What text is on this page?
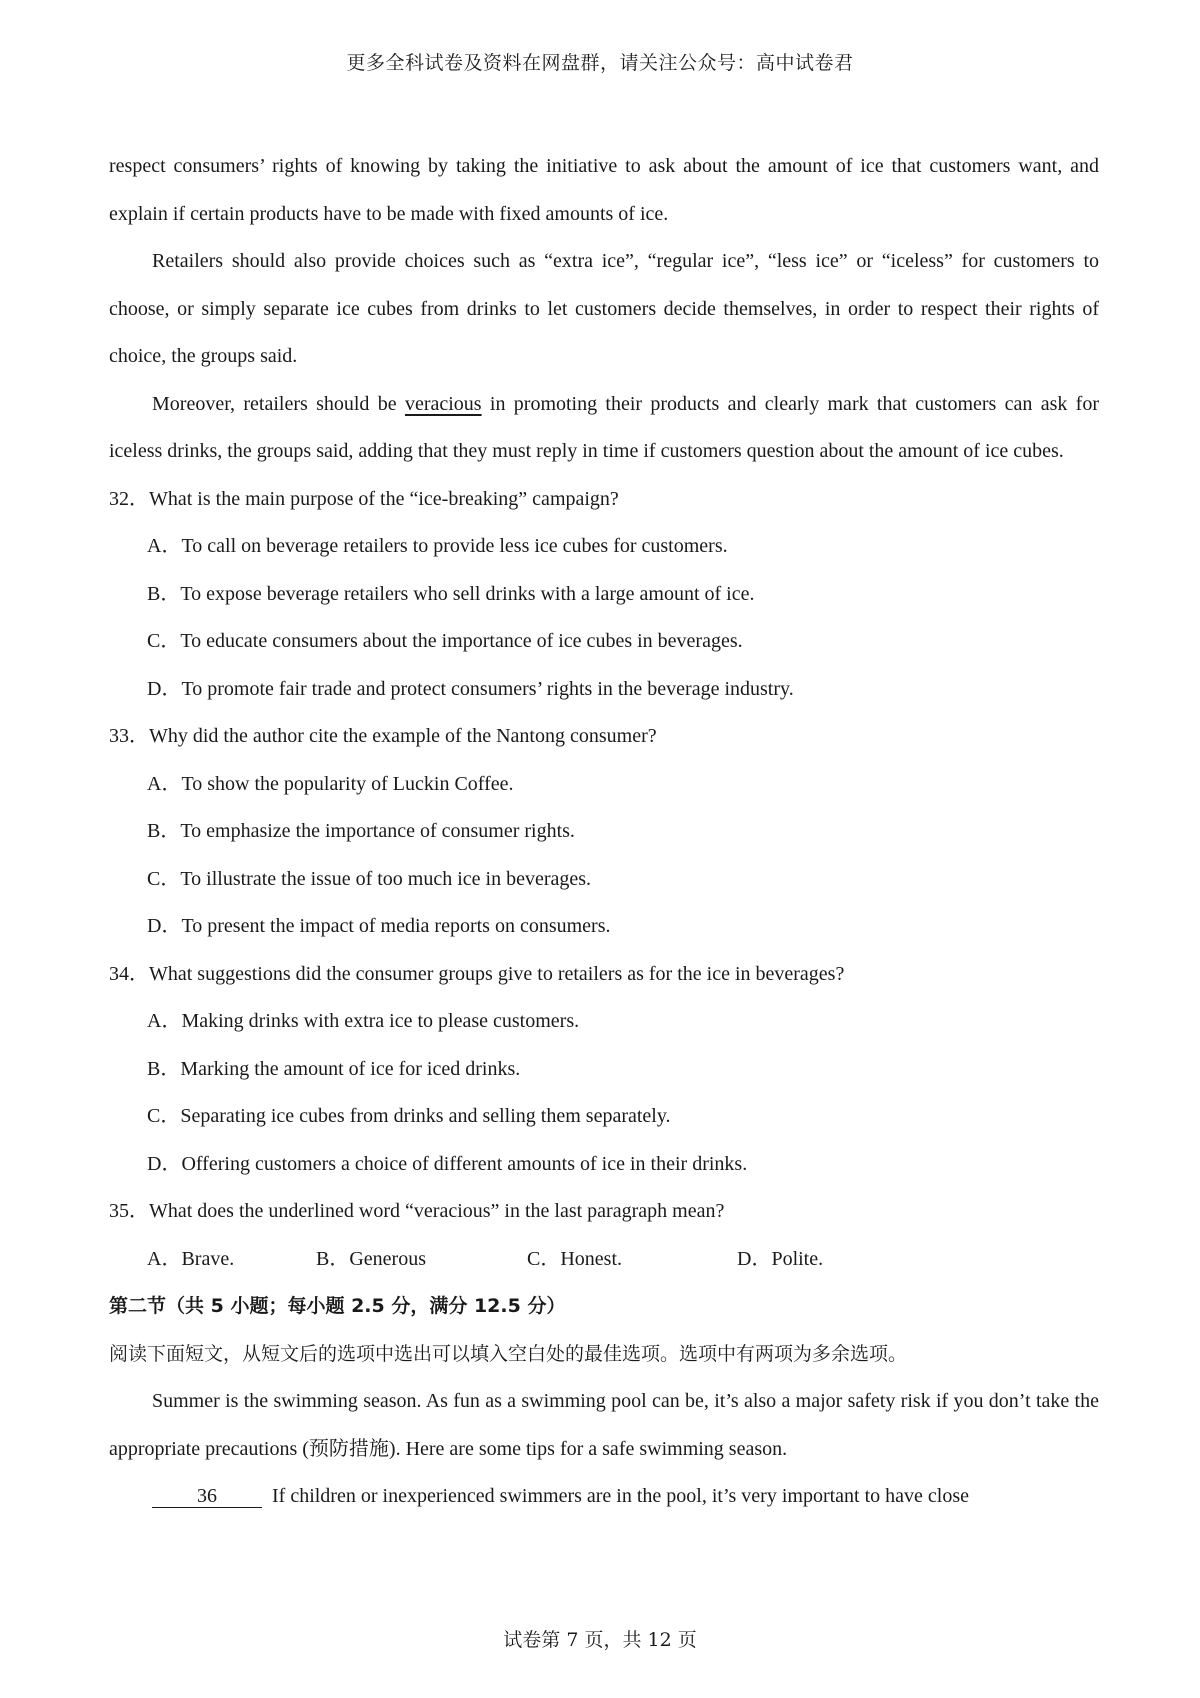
更多全科试卷及资料在网盘群，请关注公众号：高中试卷君

respect consumers’ rights of knowing by taking the initiative to ask about the amount of ice that customers want, and explain if certain products have to be made with fixed amounts of ice.

Retailers should also provide choices such as “extra ice”, “regular ice”, “less ice” or “iceless” for customers to choose, or simply separate ice cubes from drinks to let customers decide themselves, in order to respect their rights of choice, the groups said.

Moreover, retailers should be veracious in promoting their products and clearly mark that customers can ask for iceless drinks, the groups said, adding that they must reply in time if customers question about the amount of ice cubes.

32．What is the main purpose of the “ice-breaking” campaign?

A．To call on beverage retailers to provide less ice cubes for customers.

B．To expose beverage retailers who sell drinks with a large amount of ice.

C．To educate consumers about the importance of ice cubes in beverages.

D．To promote fair trade and protect consumers’ rights in the beverage industry.

33．Why did the author cite the example of the Nantong consumer?

A．To show the popularity of Luckin Coffee.

B．To emphasize the importance of consumer rights.

C．To illustrate the issue of too much ice in beverages.

D．To present the impact of media reports on consumers.

34．What suggestions did the consumer groups give to retailers as for the ice in beverages?

A．Making drinks with extra ice to please customers.

B．Marking the amount of ice for iced drinks.

C．Separating ice cubes from drinks and selling them separately.

D．Offering customers a choice of different amounts of ice in their drinks.

35．What does the underlined word “veracious” in the last paragraph mean?

A．Brave.	B．Generous	C．Honest.	D．Polite.

第二节（共 5 小题；每小题 2.5 分，满分 12.5 分）

阅读下面短文，从短文后的选项中选出可以填入空白处的最佳选项。选项中有两项为多余选项。

Summer is the swimming season. As fun as a swimming pool can be, it’s also a major safety risk if you don’t take the appropriate precautions (预防措施). Here are some tips for a safe swimming season.

36	If children or inexperienced swimmers are in the pool, it’s very important to have close

试卷第 7 页，共 12 页
